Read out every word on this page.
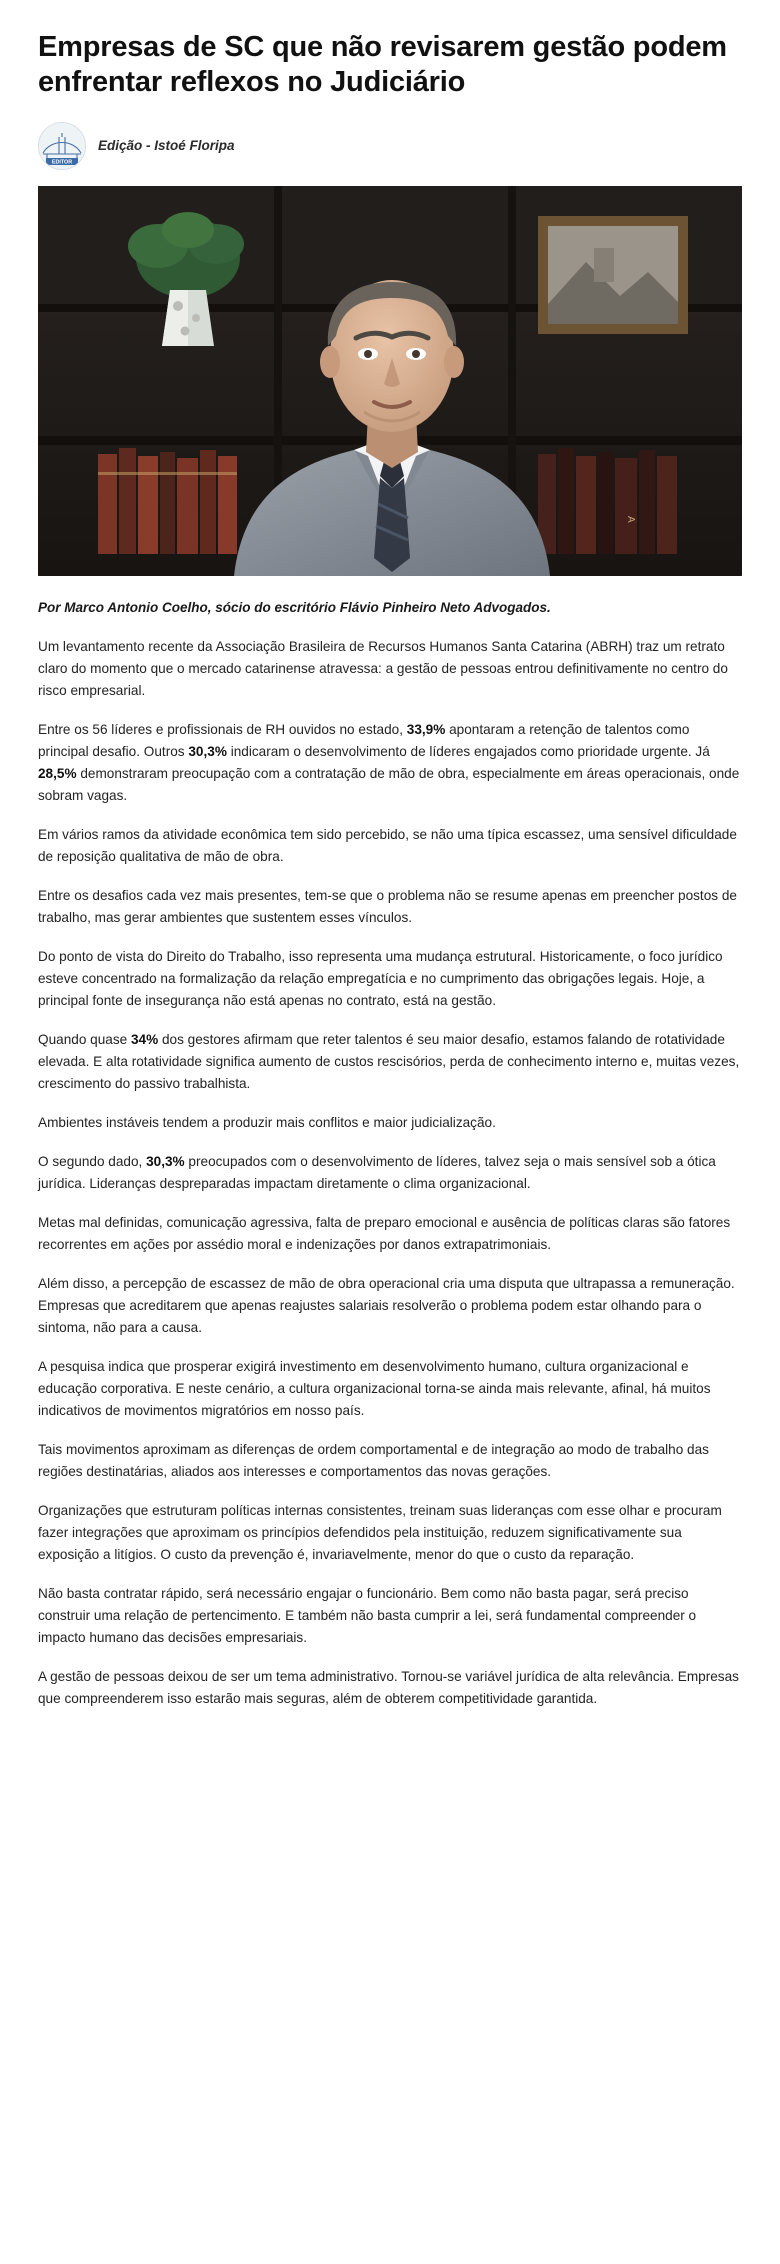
Empresas de SC que não revisarem gestão podem enfrentar reflexos no Judiciário
EDITOR
Edição - Istoé Floripa
A

Por Marco Antonio Coelho, sócio do escritório Flávio Pinheiro Neto Advogados.

Um levantamento recente da Associação Brasileira de Recursos Humanos Santa Catarina (ABRH) traz um retrato claro do momento que o mercado catarinense atravessa: a gestão de pessoas entrou definitivamente no centro do risco empresarial.

Entre os 56 líderes e profissionais de RH ouvidos no estado, 33,9% apontaram a retenção de talentos como principal desafio. Outros 30,3% indicaram o desenvolvimento de líderes engajados como prioridade urgente. Já 28,5% demonstraram preocupação com a contratação de mão de obra, especialmente em áreas operacionais, onde sobram vagas.

Em vários ramos da atividade econômica tem sido percebido, se não uma típica escassez, uma sensível dificuldade de reposição qualitativa de mão de obra.

Entre os desafios cada vez mais presentes, tem-se que o problema não se resume apenas em preencher postos de trabalho, mas gerar ambientes que sustentem esses vínculos.

Do ponto de vista do Direito do Trabalho, isso representa uma mudança estrutural. Historicamente, o foco jurídico esteve concentrado na formalização da relação empregatícia e no cumprimento das obrigações legais. Hoje, a principal fonte de insegurança não está apenas no contrato, está na gestão.

Quando quase 34% dos gestores afirmam que reter talentos é seu maior desafio, estamos falando de rotatividade elevada. E alta rotatividade significa aumento de custos rescisórios, perda de conhecimento interno e, muitas vezes, crescimento do passivo trabalhista.

Ambientes instáveis tendem a produzir mais conflitos e maior judicialização.

O segundo dado, 30,3% preocupados com o desenvolvimento de líderes, talvez seja o mais sensível sob a ótica jurídica. Lideranças despreparadas impactam diretamente o clima organizacional.

Metas mal definidas, comunicação agressiva, falta de preparo emocional e ausência de políticas claras são fatores recorrentes em ações por assédio moral e indenizações por danos extrapatrimoniais.

Além disso, a percepção de escassez de mão de obra operacional cria uma disputa que ultrapassa a remuneração. Empresas que acreditarem que apenas reajustes salariais resolverão o problema podem estar olhando para o sintoma, não para a causa.

A pesquisa indica que prosperar exigirá investimento em desenvolvimento humano, cultura organizacional e educação corporativa. E neste cenário, a cultura organizacional torna-se ainda mais relevante, afinal, há muitos indicativos de movimentos migratórios em nosso país.

Tais movimentos aproximam as diferenças de ordem comportamental e de integração ao modo de trabalho das regiões destinatárias, aliados aos interesses e comportamentos das novas gerações.

Organizações que estruturam políticas internas consistentes, treinam suas lideranças com esse olhar e procuram fazer integrações que aproximam os princípios defendidos pela instituição, reduzem significativamente sua exposição a litígios. O custo da prevenção é, invariavelmente, menor do que o custo da reparação.

Não basta contratar rápido, será necessário engajar o funcionário. Bem como não basta pagar, será preciso construir uma relação de pertencimento. E também não basta cumprir a lei, será fundamental compreender o impacto humano das decisões empresariais.

A gestão de pessoas deixou de ser um tema administrativo. Tornou-se variável jurídica de alta relevância. Empresas que compreenderem isso estarão mais seguras, além de obterem competitividade garantida.
